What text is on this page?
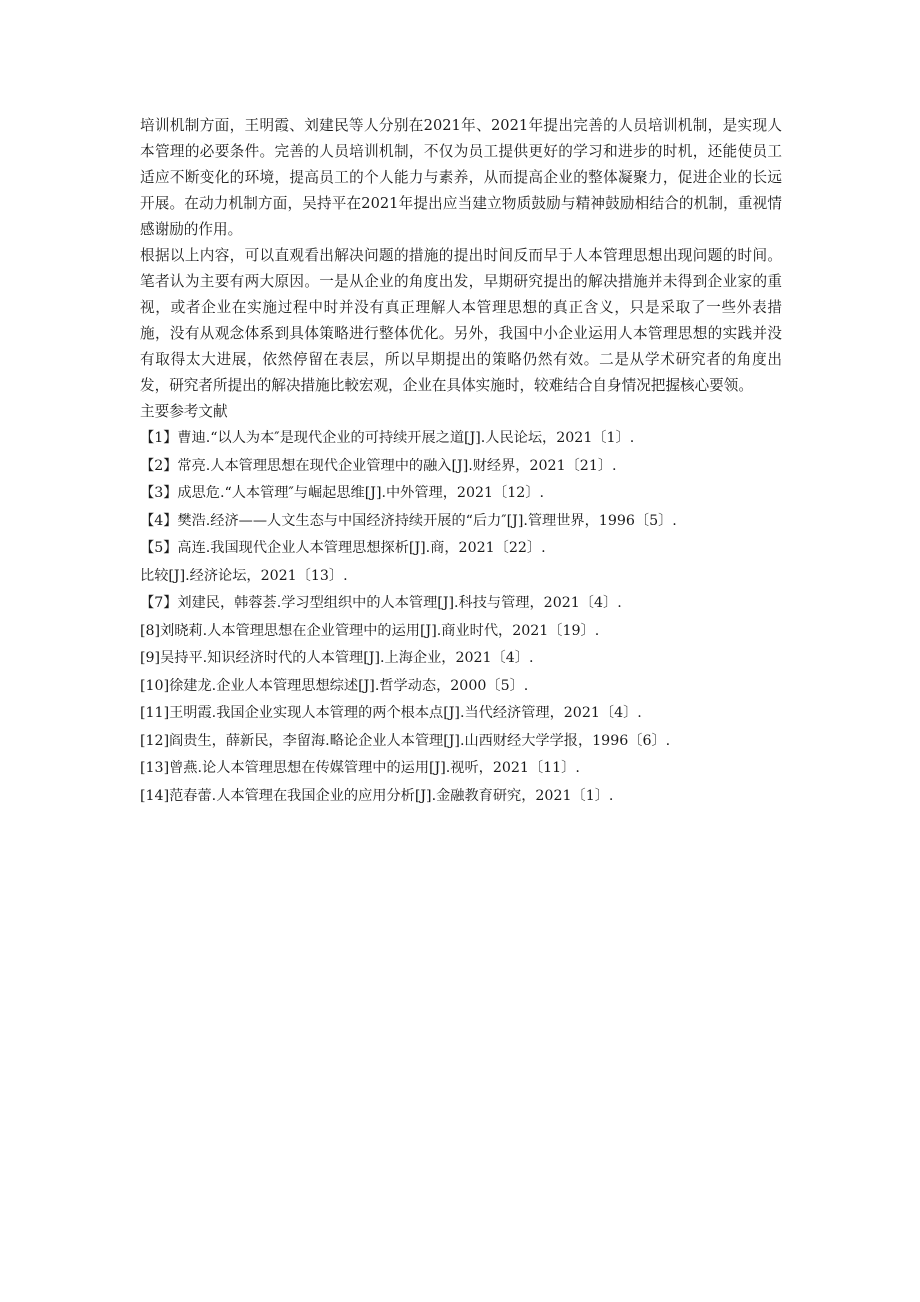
培训机制方面，王明霞、刘建民等人分别在2021年、2021年提出完善的人员培训机制，是实现人本管理的必要条件。完善的人员培训机制，不仅为员工提供更好的学习和进步的时机，还能使员工适应不断变化的环境，提高员工的个人能力与素养，从而提高企业的整体凝聚力，促进企业的长远开展。在动力机制方面，吴持平在2021年提出应当建立物质鼓励与精神鼓励相结合的机制，重视情感谢励的作用。

根据以上内容，可以直观看出解决问题的措施的提出时间反而早于人本管理思想出现问题的时间。笔者认为主要有两大原因。一是从企业的角度出发，早期研究提出的解决措施并未得到企业家的重视，或者企业在实施过程中时并没有真正理解人本管理思想的真正含义，只是采取了一些外表措施，没有从观念体系到具体策略进行整体优化。另外，我国中小企业运用人本管理思想的实践并没有取得太大进展，依然停留在表层，所以早期提出的策略仍然有效。二是从学术研究者的角度出发，研究者所提出的解决措施比較宏观，企业在具体实施时，较难结合自身情况把握核心要领。

主要参考文献

【1】曹迪.“以人为本″是现代企业的可持续开展之道[J].人民论坛，2021〔1〕.

【2】常亮.人本管理思想在现代企业管理中的融入[J].财经界，2021〔21〕.

【3】成思危.“人本管理″与崛起思维[J].中外管理，2021〔12〕.

【4】樊浩.经济——人文生态与中国经济持续开展的“后力″[J].管理世界，1996〔5〕.

【5】高连.我国现代企业人本管理思想探析[J].商，2021〔22〕.

比较[J].经济论坛，2021〔13〕.

【7】刘建民，韩蓉荟.学习型组织中的人本管理[J].科技与管理，2021〔4〕.

[8]刘晓莉.人本管理思想在企业管理中的运用[J].商业时代，2021〔19〕.

[9]吴持平.知识经济时代的人本管理[J].上海企业，2021〔4〕.

[10]徐建龙.企业人本管理思想综述[J].哲学动态，2000〔5〕.

[11]王明霞.我国企业实现人本管理的两个根本点[J].当代经济管理，2021〔4〕.

[12]阎贵生，薛新民，李留海.略论企业人本管理[J].山西财经大学学报，1996〔6〕.

[13]曾燕.论人本管理思想在传媒管理中的运用[J].视听，2021〔11〕.

[14]范春蕾.人本管理在我国企业的应用分析[J].金融教育研究，2021〔1〕.
